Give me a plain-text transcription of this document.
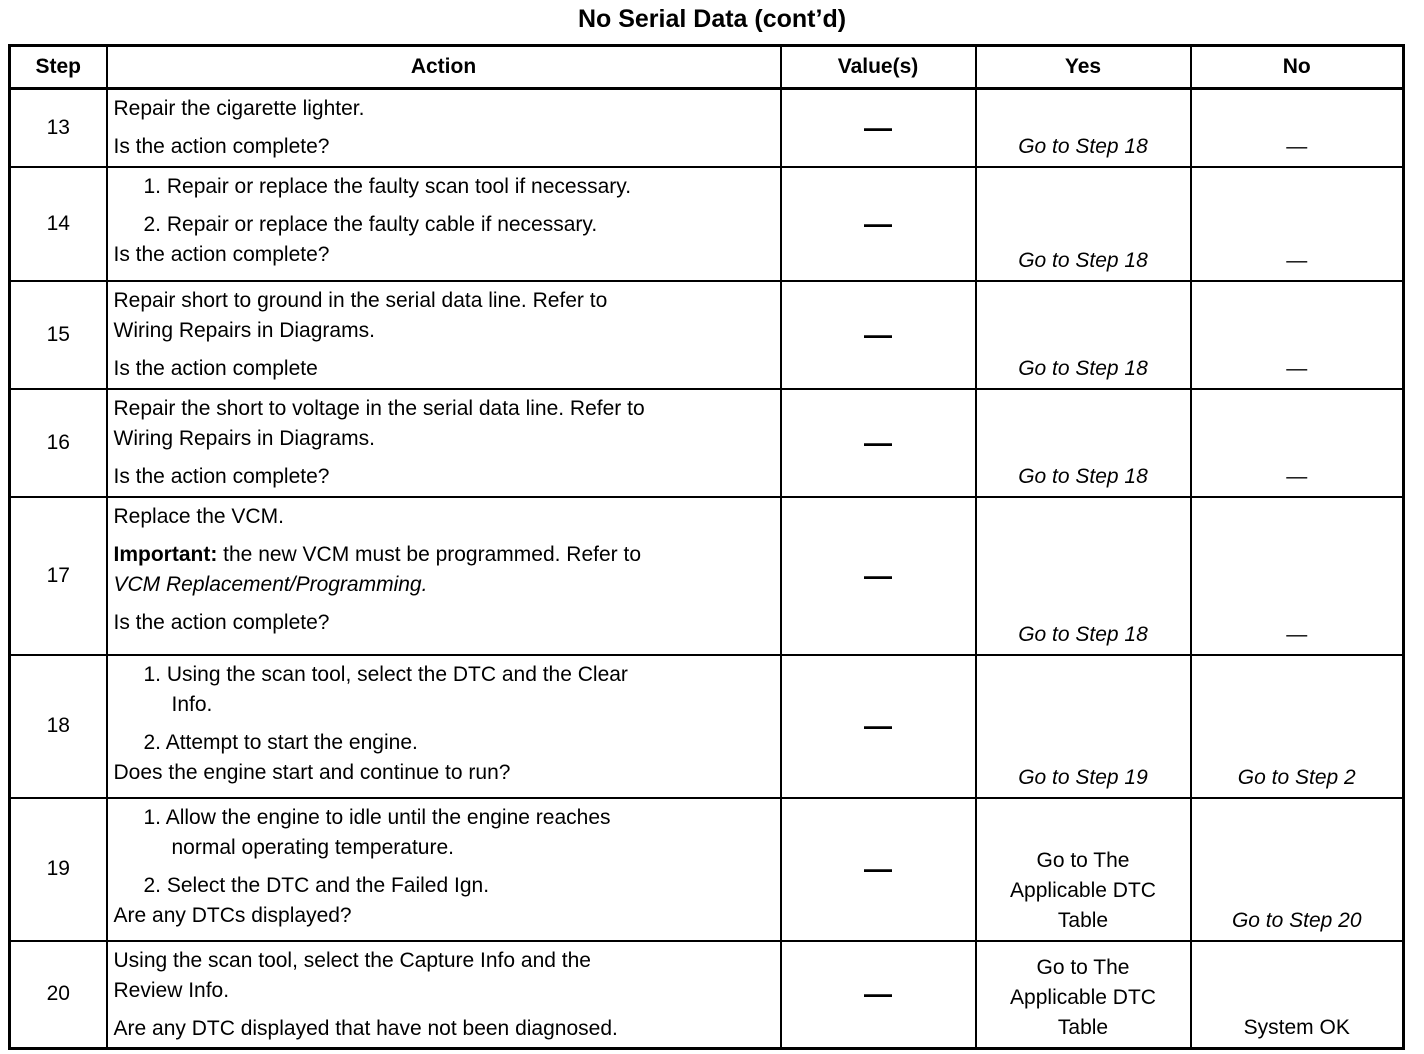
No Serial Data (cont’d)
Step	Action	Value(s)	Yes	No
13	Repair the cigarette lighter.
Is the action complete?	—	Go to Step 18	—
14	1. Repair or replace the faulty scan tool if necessary.
2. Repair or replace the faulty cable if necessary.
Is the action complete?	—	Go to Step 18	—
15	Repair short to ground in the serial data line. Refer to
Wiring Repairs in Diagrams.
Is the action complete	—	Go to Step 18	—
16	Repair the short to voltage in the serial data line. Refer to
Wiring Repairs in Diagrams.
Is the action complete?	—	Go to Step 18	—
17	Replace the VCM.
Important: the new VCM must be programmed. Refer to
VCM Replacement/Programming.
Is the action complete?	—	Go to Step 18	—
18	1. Using the scan tool, select the DTC and the Clear
Info.
2. Attempt to start the engine.
Does the engine start and continue to run?	—	Go to Step 19	Go to Step 2
19	1. Allow the engine to idle until the engine reaches
normal operating temperature.
2. Select the DTC and the Failed Ign.
Are any DTCs displayed?	—	Go to The
Applicable DTC
Table	Go to Step 20
20	Using the scan tool, select the Capture Info and the
Review Info.
Are any DTC displayed that have not been diagnosed.	—	Go to The
Applicable DTC
Table	System OK
